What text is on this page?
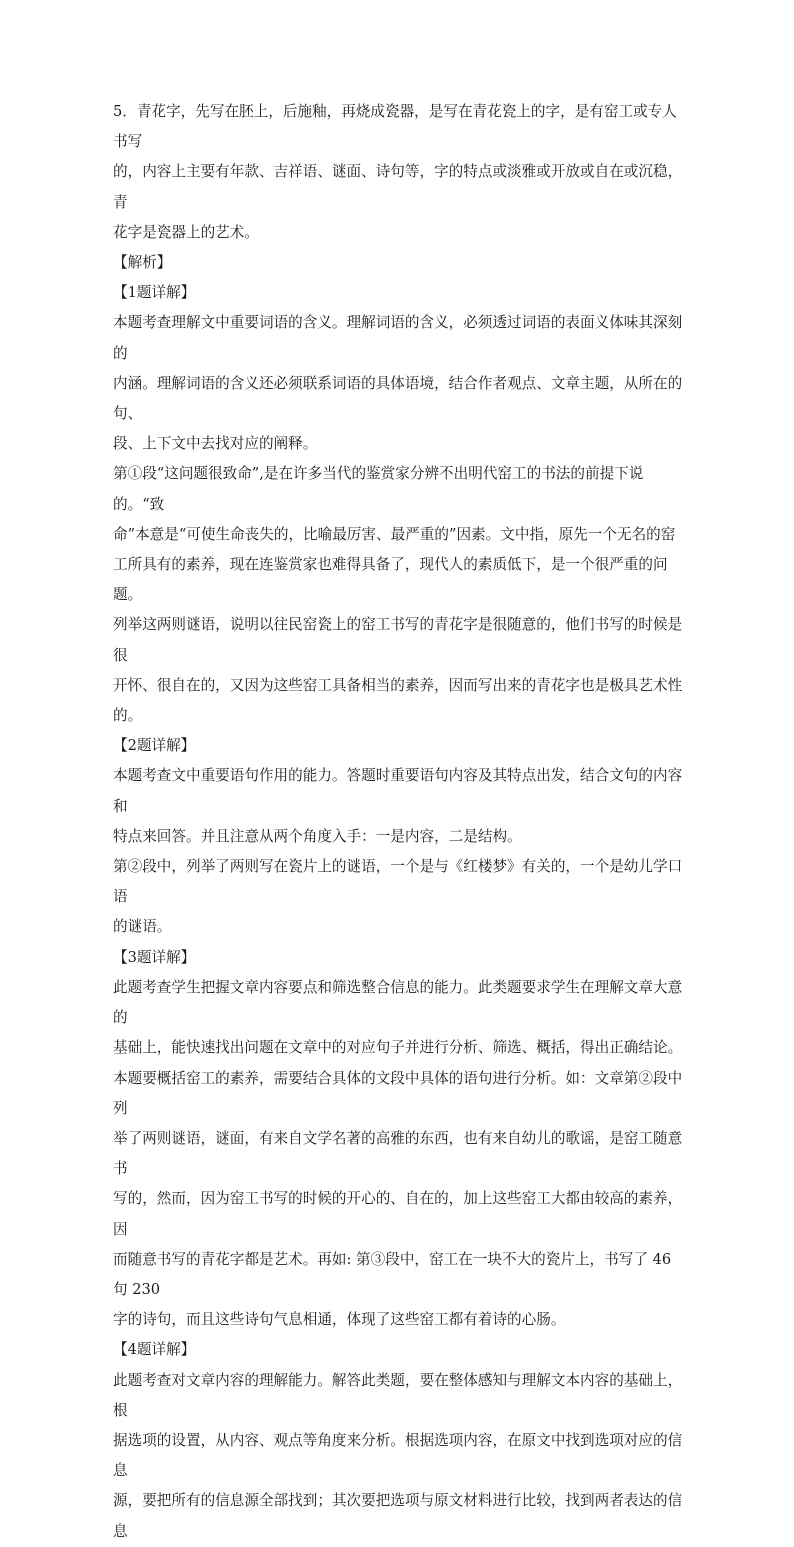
5．青花字，先写在胚上，后施釉，再烧成瓷器，是写在青花瓷上的字，是有窑工或专人书写
的，内容上主要有年款、吉祥语、谜面、诗句等，字的特点或淡雅或开放或自在或沉稳，青
花字是瓷器上的艺术。

【解析】

【1题详解】

本题考查理解文中重要词语的含义。理解词语的含义，必须透过词语的表面义体味其深刻的
内涵。理解词语的含义还必须联系词语的具体语境，结合作者观点、文章主题，从所在的句、
段、上下文中去找对应的阐释。

第①段“这问题很致命”,是在许多当代的鉴赏家分辨不出明代窑工的书法的前提下说的。“致
命”本意是“可使生命丧失的，比喻最厉害、最严重的”因素。文中指，原先一个无名的窑
工所具有的素养，现在连鉴赏家也难得具备了，现代人的素质低下，是一个很严重的问题。

列举这两则谜语，说明以往民窑瓷上的窑工书写的青花字是很随意的，他们书写的时候是很
开怀、很自在的，又因为这些窑工具备相当的素养，因而写出来的青花字也是极具艺术性的。

【2题详解】

本题考查文中重要语句作用的能力。答题时重要语句内容及其特点出发，结合文句的内容和
特点来回答。并且注意从两个角度入手：一是内容，二是结构。

第②段中，列举了两则写在瓷片上的谜语，一个是与《红楼梦》有关的，一个是幼儿学口语
的谜语。

【3题详解】

此题考查学生把握文章内容要点和筛选整合信息的能力。此类题要求学生在理解文章大意的
基础上，能快速找出问题在文章中的对应句子并进行分析、筛选、概括，得出正确结论。

本题要概括窑工的素养，需要结合具体的文段中具体的语句进行分析。如：文章第②段中列
举了两则谜语，谜面，有来自文学名著的高雅的东西，也有来自幼儿的歌谣，是窑工随意书
写的，然而，因为窑工书写的时候的开心的、自在的，加上这些窑工大都由较高的素养，因
而随意书写的青花字都是艺术。再如: 第③段中，窑工在一块不大的瓷片上，书写了 46 句 230
字的诗句，而且这些诗句气息相通，体现了这些窑工都有着诗的心肠。

【4题详解】

此题考查对文章内容的理解能力。解答此类题，要在整体感知与理解文本内容的基础上，根
据选项的设置，从内容、观点等角度来分析。根据选项内容，在原文中找到选项对应的信息
源，要把所有的信息源全部找到；其次要把选项与原文材料进行比较，找到两者表达的信息
